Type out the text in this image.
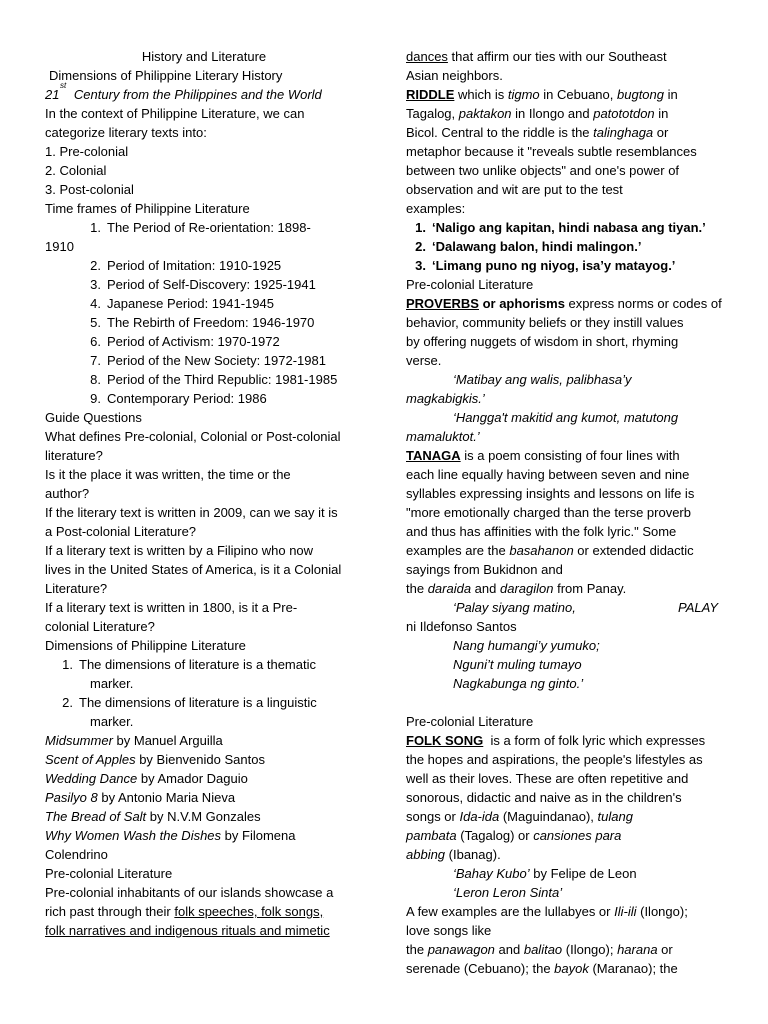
History and Literature
Dimensions of Philippine Literary History
st
21 Century from the Philippines and the World
In the context of Philippine Literature, we can
categorize literary texts into:
1. Pre-colonial
2. Colonial
3. Post-colonial
Time frames of Philippine Literature
1. The Period of Re-orientation: 1898-
1910
2. Period of Imitation: 1910-1925
3. Period of Self-Discovery: 1925-1941
4. Japanese Period: 1941-1945
5. The Rebirth of Freedom: 1946-1970
6. Period of Activism: 1970-1972
7. Period of the New Society: 1972-1981
8. Period of the Third Republic: 1981-1985
9. Contemporary Period: 1986
Guide Questions
What defines Pre-colonial, Colonial or Post-colonial
literature?
Is it the place it was written, the time or the
author?
If the literary text is written in 2009, can we say it is
a Post-colonial Literature?
If a literary text is written by a Filipino who now
lives in the United States of America, is it a Colonial
Literature?
If a literary text is written in 1800, is it a Pre-
colonial Literature?
Dimensions of Philippine Literature
1. The dimensions of literature is a thematic
marker.
2. The dimensions of literature is a linguistic
marker.
Midsummer by Manuel Arguilla
Scent of Apples by Bienvenido Santos
Wedding Dance by Amador Daguio
Pasilyo 8 by Antonio Maria Nieva
The Bread of Salt by N.V.M Gonzales
Why Women Wash the Dishes by Filomena
Colendrino
Pre-colonial Literature
Pre-colonial inhabitants of our islands showcase a
rich past through their folk speeches, folk songs,
folk narratives and indigenous rituals and mimetic
dances that affirm our ties with our Southeast
Asian neighbors.
RIDDLE which is tigmo in Cebuano, bugtong in
Tagalog, paktakon in Ilongo and patototdon in
Bicol. Central to the riddle is the talinghaga or
metaphor because it "reveals subtle resemblances
between two unlike objects" and one's power of
observation and wit are put to the test
examples:
1. ‘Naligo ang kapitan, hindi nabasa ang tiyan.’
2. ‘Dalawang balon, hindi malingon.’
3. ‘Limang puno ng niyog, isa’y matayog.’
Pre-colonial Literature
PROVERBS or aphorisms express norms or codes of
behavior, community beliefs or they instill values
by offering nuggets of wisdom in short, rhyming
verse.
‘Matibay ang walis, palibhasa’y
magkabigkis.’
‘Hangga't makitid ang kumot, matutong
mamaluktot.’
TANAGA is a poem consisting of four lines with
each line equally having between seven and nine
syllables expressing insights and lessons on life is
"more emotionally charged than the terse proverb
and thus has affinities with the folk lyric." Some
examples are the basahanon or extended didactic
sayings from Bukidnon and
the daraida and daragilon from Panay.
‘Palay siyang matino,	PALAY
ni Ildefonso Santos
Nang humangi’y yumuko;
Nguni’t muling tumayo
Nagkabunga ng ginto.’
Pre-colonial Literature
FOLK SONG  is a form of folk lyric which expresses
the hopes and aspirations, the people's lifestyles as
well as their loves. These are often repetitive and
sonorous, didactic and naive as in the children's
songs or Ida-ida (Maguindanao), tulang
pambata (Tagalog) or cansiones para
abbing (Ibanag).
‘Bahay Kubo’ by Felipe de Leon
‘Leron Leron Sinta’
A few examples are the lullabyes or Ili-ili (Ilongo);
love songs like
the panawagon and balitao (Ilongo); harana or
serenade (Cebuano); the bayok (Maranao); the
